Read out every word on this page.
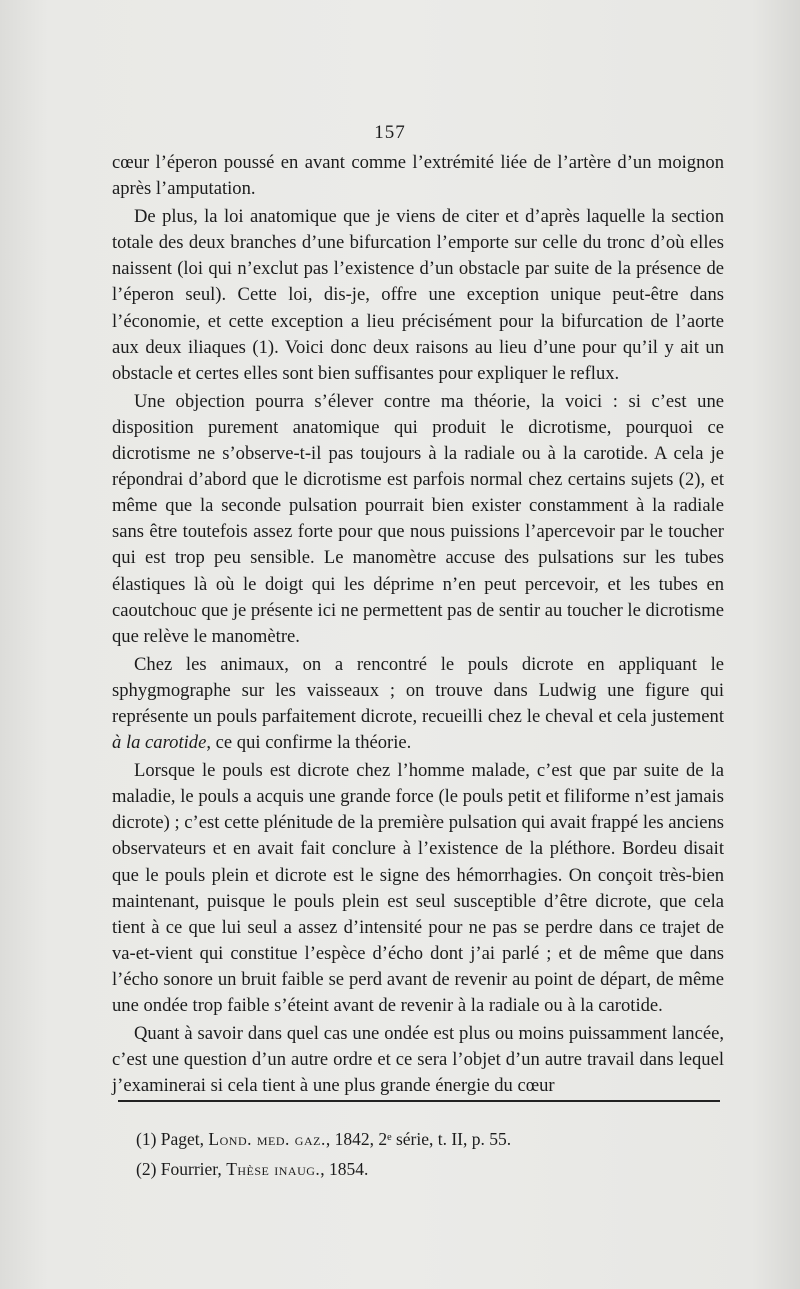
157

cœur l’éperon poussé en avant comme l’extrémité liée de l’artère d’un moignon après l’amputation.

De plus, la loi anatomique que je viens de citer et d’après laquelle la section totale des deux branches d’une bifurcation l’emporte sur celle du tronc d’où elles naissent (loi qui n’exclut pas l’existence d’un obstacle par suite de la présence de l’éperon seul). Cette loi, dis-je, offre une exception unique peut-être dans l’économie, et cette exception a lieu précisément pour la bifurcation de l’aorte aux deux iliaques (1). Voici donc deux raisons au lieu d’une pour qu’il y ait un obstacle et certes elles sont bien suffisantes pour expliquer le reflux.

Une objection pourra s’élever contre ma théorie, la voici : si c’est une disposition purement anatomique qui produit le dicrotisme, pourquoi ce dicrotisme ne s’observe-t-il pas toujours à la radiale ou à la carotide. A cela je répondrai d’abord que le dicrotisme est parfois normal chez certains sujets (2), et même que la seconde pulsation pourrait bien exister constamment à la radiale sans être toutefois assez forte pour que nous puissions l’apercevoir par le toucher qui est trop peu sensible. Le manomètre accuse des pulsations sur les tubes élastiques là où le doigt qui les déprime n’en peut percevoir, et les tubes en caoutchouc que je présente ici ne permettent pas de sentir au toucher le dicrotisme que relève le manomètre.

Chez les animaux, on a rencontré le pouls dicrote en appliquant le sphygmographe sur les vaisseaux ; on trouve dans Ludwig une figure qui représente un pouls parfaitement dicrote, recueilli chez le cheval et cela justement à la carotide, ce qui confirme la théorie.

Lorsque le pouls est dicrote chez l’homme malade, c’est que par suite de la maladie, le pouls a acquis une grande force (le pouls petit et filiforme n’est jamais dicrote) ; c’est cette plénitude de la première pulsation qui avait frappé les anciens observateurs et en avait fait conclure à l’existence de la pléthore. Bordeu disait que le pouls plein et dicrote est le signe des hémorrhagies. On conçoit très-bien maintenant, puisque le pouls plein est seul susceptible d’être dicrote, que cela tient à ce que lui seul a assez d’intensité pour ne pas se perdre dans ce trajet de va-et-vient qui constitue l’espèce d’écho dont j’ai parlé ; et de même que dans l’écho sonore un bruit faible se perd avant de revenir au point de départ, de même une ondée trop faible s’éteint avant de revenir à la radiale ou à la carotide.

Quant à savoir dans quel cas une ondée est plus ou moins puissamment lancée, c’est une question d’un autre ordre et ce sera l’objet d’un autre travail dans lequel j’examinerai si cela tient à une plus grande énergie du cœur

(1) Paget, Lond. med. gaz., 1842, 2ᵉ série, t. II, p. 55.

(2) Fourrier, Thèse inaug., 1854.
